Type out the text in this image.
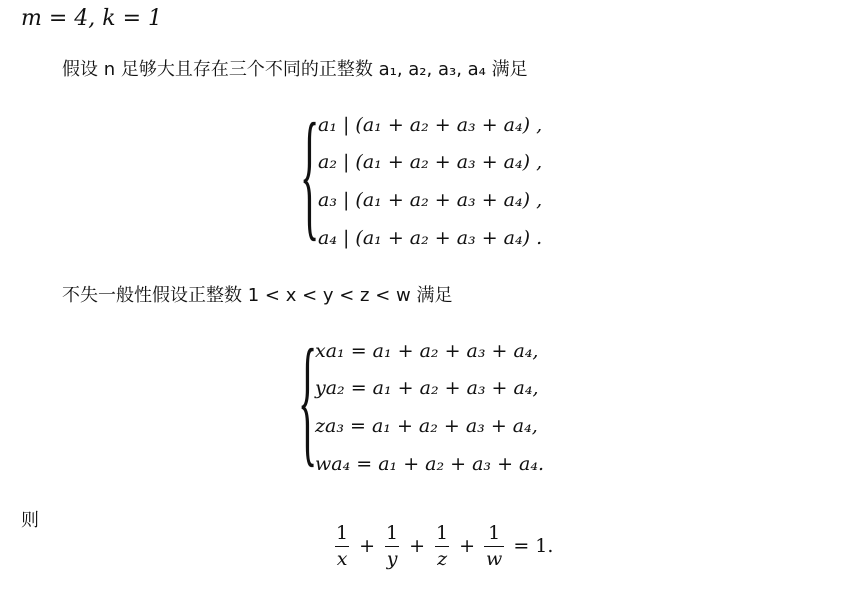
m = 4, k = 1
假设 n 足够大且存在三个不同的正整数 a₁, a₂, a₃, a₄ 满足
{
a₁ | (a₁ + a₂ + a₃ + a₄) ,
a₂ | (a₁ + a₂ + a₃ + a₄) ,
a₃ | (a₁ + a₂ + a₃ + a₄) ,
a₄ | (a₁ + a₂ + a₃ + a₄) .
不失一般性假设正整数 1 < x < y < z < w 满足
{
xa₁ = a₁ + a₂ + a₃ + a₄,
ya₂ = a₁ + a₂ + a₃ + a₄,
za₃ = a₁ + a₂ + a₃ + a₄,
wa₄ = a₁ + a₂ + a₃ + a₄.
则
$\frac{1}{x} + \frac{1}{y} + \frac{1}{z} + \frac{1}{w} = 1$.
